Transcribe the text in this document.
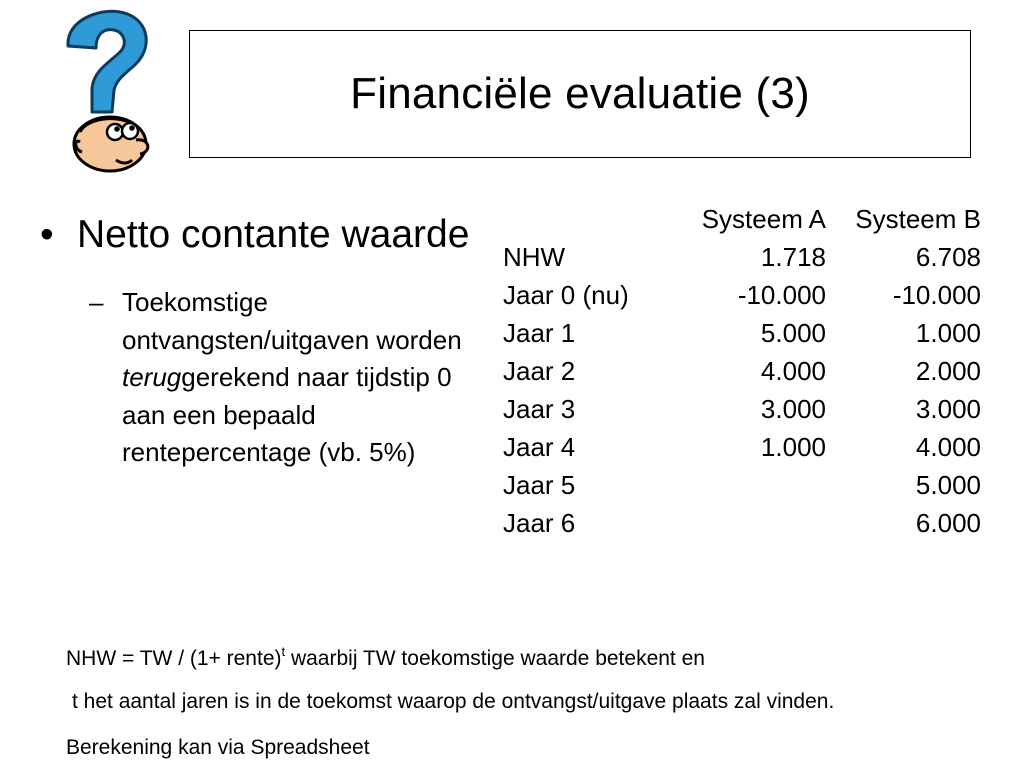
Financiële evaluatie (3)
• Netto contante waarde
– Toekomstige ontvangsten/uitgaven worden teruggerekend naar tijdstip 0 aan een bepaald rentepercentage (vb. 5%)
	Systeem A	Systeem B
NHW	1.718	6.708
Jaar 0 (nu)	-10.000	-10.000
Jaar 1	5.000	1.000
Jaar 2	4.000	2.000
Jaar 3	3.000	3.000
Jaar 4	1.000	4.000
Jaar 5		5.000
Jaar 6		6.000
NHW = TW / (1+ rente)$^t$ waarbij TW toekomstige waarde betekent en
t het aantal jaren is in de toekomst waarop de ontvangst/uitgave plaats zal vinden.
Berekening kan via Spreadsheet
